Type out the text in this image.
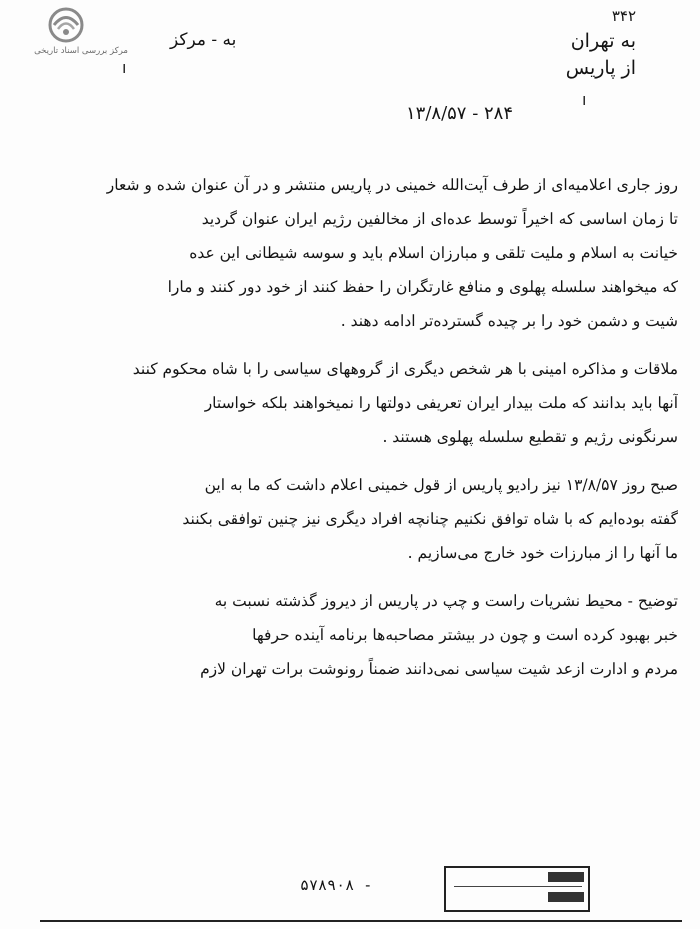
مرکز بررسی اسناد تاریخی
۳۴۲
به تهران
از پاریس
۲۸۴ - ۱۳/۸/۵۷
به - مرکز
ı
ı

روز جاری اعلامیه‌ای از طرف آیت‌الله خمینی در پاریس منتشر و در آن عنوان شده و شعار

تا زمان اساسی که اخیراً توسط عده‌ای از مخالفین رژیم ایران عنوان گردید

خیانت به اسلام و ملیت تلقی و مبارزان اسلام باید و سوسه شیطانی این عده

که میخواهند سلسله پهلوی و منافع غارتگران را حفظ کنند از خود دور کنند و مارا

شیت و دشمن خود را بر چیده گسترده‌تر ادامه دهند .

ملاقات و مذاکره امینی با هر شخص دیگری از گروههای سیاسی را با شاه محکوم کنند

آنها باید بدانند که ملت بیدار ایران تعریفی دولتها را نمیخواهند بلکه خواستار

سرنگونی رژیم و تقطیع سلسله پهلوی هستند .

صبح روز ۱۳/۸/۵۷ نیز رادیو پاریس از قول خمینی اعلام داشت که ما به این

گفته بوده‌ایم که با شاه توافق نکنیم چنانچه افراد دیگری نیز چنین توافقی بکنند

ما آنها را از مبارزات خود خارج می‌سازیم .

توضیح - محیط نشریات راست و چپ در پاریس از دیروز گذشته نسبت به

خبر بهبود کرده است و چون در بیشتر مصاحبه‌ها برنامه آینده حرفها

مردم و ادارت ازعد شیت سیاسی نمی‌دانند ضمناً رونوشت برات تهران لازم

۵۷۸۹۰۸ -
